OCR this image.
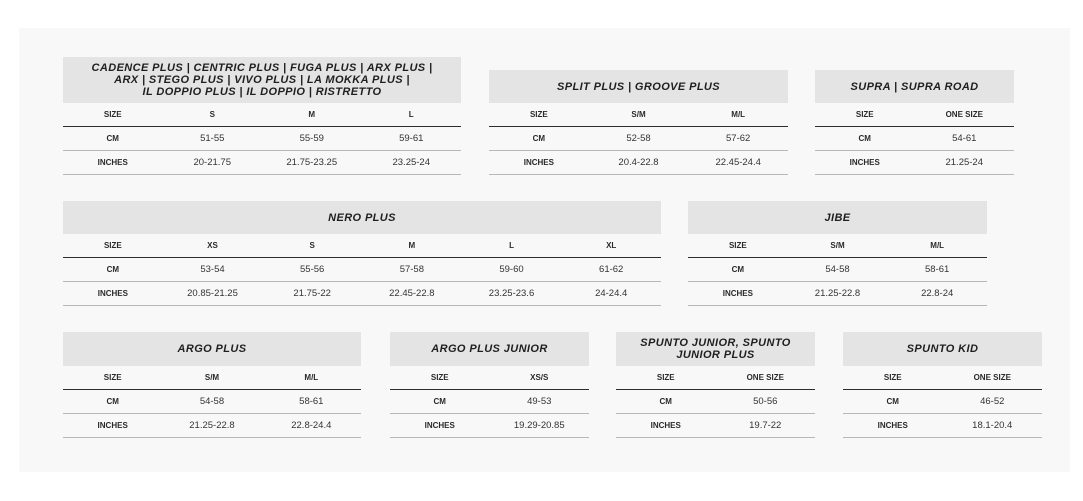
CADENCE PLUS | CENTRIC PLUS | FUGA PLUS | ARX PLUS |
ARX | STEGO PLUS | VIVO PLUS | LA MOKKA PLUS |
IL DOPPIO PLUS | IL DOPPIO | RISTRETTO
SIZE	S	M	L
CM	51-55	55-59	59-61
INCHES	20-21.75	21.75-23.25	23.25-24
SPLIT PLUS | GROOVE PLUS
SIZE	S/M	M/L
CM	52-58	57-62
INCHES	20.4-22.8	22.45-24.4
SUPRA | SUPRA ROAD
SIZE	ONE SIZE
CM	54-61
INCHES	21.25-24
NERO PLUS
SIZE	XS	S	M	L	XL
CM	53-54	55-56	57-58	59-60	61-62
INCHES	20.85-21.25	21.75-22	22.45-22.8	23.25-23.6	24-24.4
JIBE
SIZE	S/M	M/L
CM	54-58	58-61
INCHES	21.25-22.8	22.8-24
ARGO PLUS
SIZE	S/M	M/L
CM	54-58	58-61
INCHES	21.25-22.8	22.8-24.4
ARGO PLUS JUNIOR
SIZE	XS/S
CM	49-53
INCHES	19.29-20.85
SPUNTO JUNIOR, SPUNTO
JUNIOR PLUS
SIZE	ONE SIZE
CM	50-56
INCHES	19.7-22
SPUNTO KID
SIZE	ONE SIZE
CM	46-52
INCHES	18.1-20.4
